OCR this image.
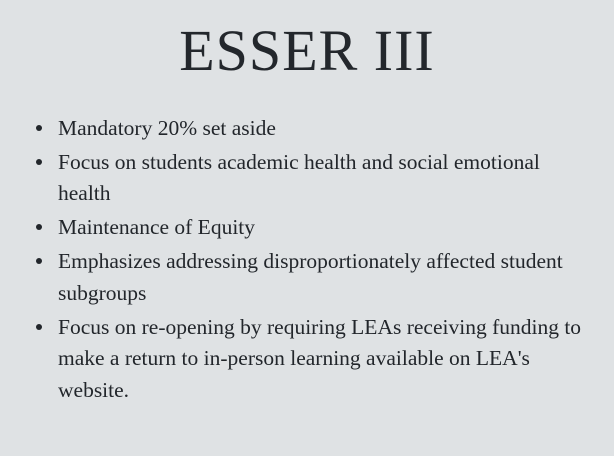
ESSER III
Mandatory 20% set aside
Focus on students academic health and social emotional health
Maintenance of Equity
Emphasizes addressing disproportionately affected student subgroups
Focus on re-opening by requiring LEAs receiving funding to make a return to in-person learning available on LEA's website.
